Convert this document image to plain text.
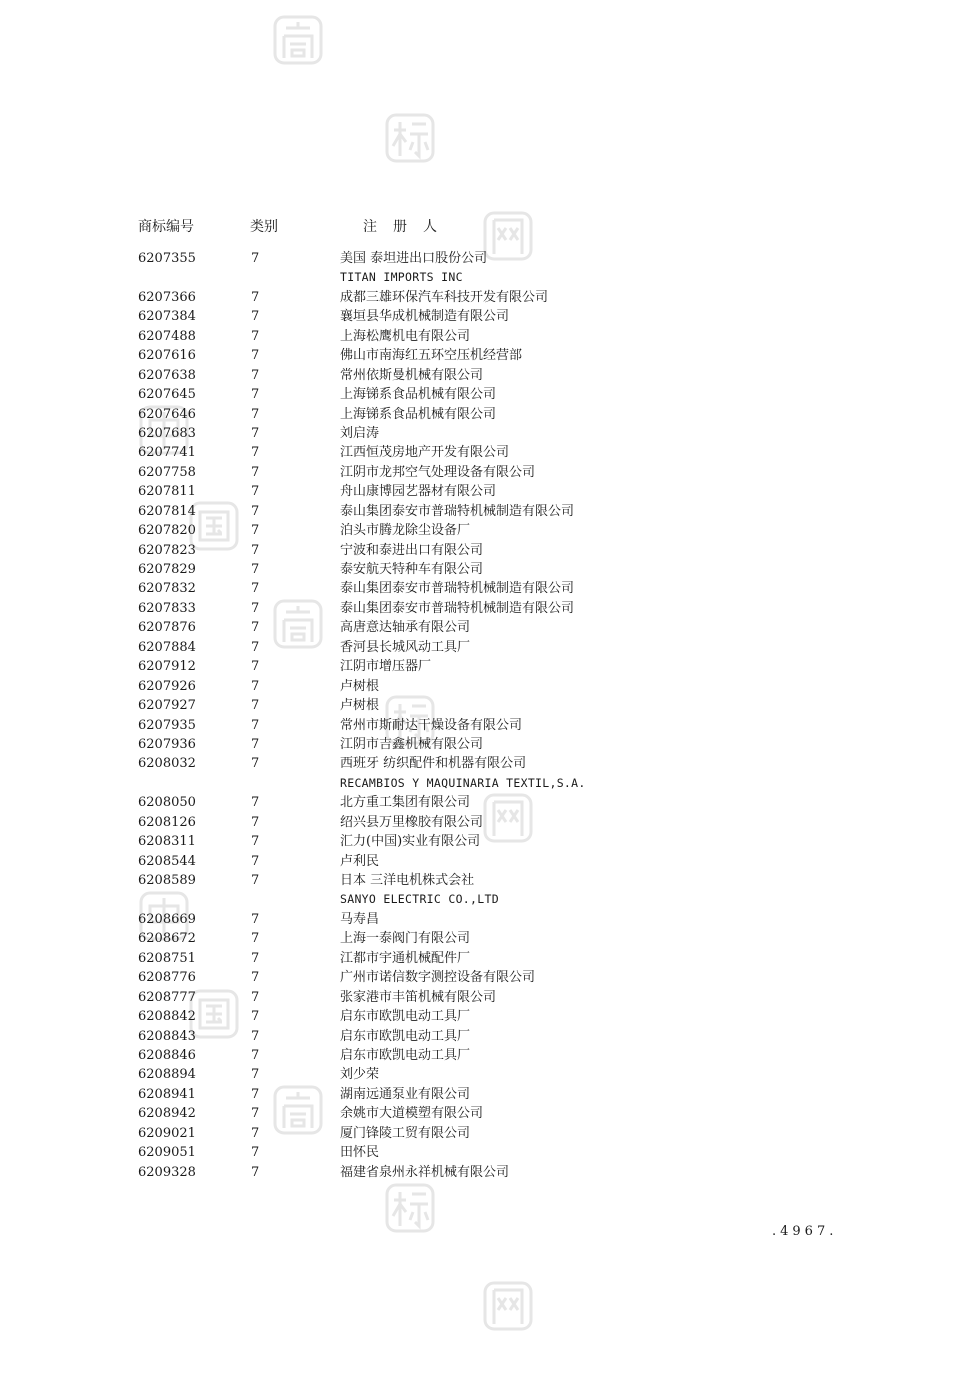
商标编号	类别	注册人
6207355	7	美国 泰坦进出口股份公司
TITAN IMPORTS INC
6207366	7	成都三雄环保汽车科技开发有限公司
6207384	7	襄垣县华成机械制造有限公司
6207488	7	上海松鹰机电有限公司
6207616	7	佛山市南海红五环空压机经营部
6207638	7	常州依斯曼机械有限公司
6207645	7	上海锑系食品机械有限公司
6207646	7	上海锑系食品机械有限公司
6207683	7	刘启涛
6207741	7	江西恒茂房地产开发有限公司
6207758	7	江阴市龙邦空气处理设备有限公司
6207811	7	舟山康博园艺器材有限公司
6207814	7	泰山集团泰安市普瑞特机械制造有限公司
6207820	7	泊头市腾龙除尘设备厂
6207823	7	宁波和泰进出口有限公司
6207829	7	泰安航天特种车有限公司
6207832	7	泰山集团泰安市普瑞特机械制造有限公司
6207833	7	泰山集团泰安市普瑞特机械制造有限公司
6207876	7	高唐意达轴承有限公司
6207884	7	香河县长城风动工具厂
6207912	7	江阴市增压器厂
6207926	7	卢树根
6207927	7	卢树根
6207935	7	常州市斯耐达干燥设备有限公司
6207936	7	江阴市吉鑫机械有限公司
6208032	7	西班牙 纺织配件和机器有限公司
RECAMBIOS Y MAQUINARIA TEXTIL,S.A.
6208050	7	北方重工集团有限公司
6208126	7	绍兴县万里橡胶有限公司
6208311	7	汇力(中国)实业有限公司
6208544	7	卢利民
6208589	7	日本 三洋电机株式会社
SANYO ELECTRIC CO.,LTD
6208669	7	马寿昌
6208672	7	上海一泰阀门有限公司
6208751	7	江都市宇通机械配件厂
6208776	7	广州市诺信数字测控设备有限公司
6208777	7	张家港市丰笛机械有限公司
6208842	7	启东市欧凯电动工具厂
6208843	7	启东市欧凯电动工具厂
6208846	7	启东市欧凯电动工具厂
6208894	7	刘少荣
6208941	7	湖南远通泵业有限公司
6208942	7	余姚市大道模塑有限公司
6209021	7	厦门锋陵工贸有限公司
6209051	7	田怀民
6209328	7	福建省泉州永祥机械有限公司
.4967.
